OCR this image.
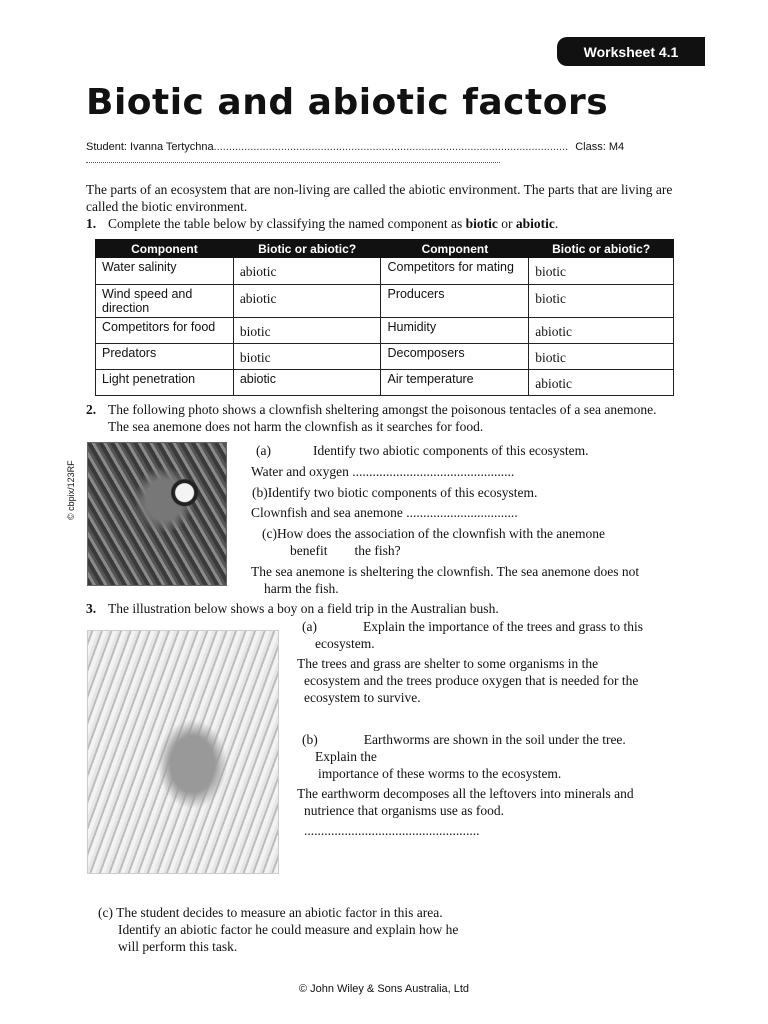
Worksheet 4.1
Biotic and abiotic factors
Student: Ivanna Tertychna.................................................................................................................... Class: M4
The parts of an ecosystem that are non-living are called the abiotic environment. The parts that are living are called the biotic environment.
1. Complete the table below by classifying the named component as biotic or abiotic.
Component	Biotic or abiotic?	Component	Biotic or abiotic?
Water salinity	abiotic	Competitors for mating	biotic
Wind speed and direction	abiotic	Producers	biotic
Competitors for food	biotic	Humidity	abiotic
Predators	biotic	Decomposers	biotic
Light penetration	abiotic	Air temperature	abiotic
2. The following photo shows a clownfish sheltering amongst the poisonous tentacles of a sea anemone. The sea anemone does not harm the clownfish as it searches for food.
© cbpix/123RF
(a)	Identify two abiotic components of this ecosystem.
Water and oxygen ................................................
(b)Identify two biotic components of this ecosystem.
Clownfish and sea anemone .................................
(c)How does the association of the clownfish with the anemone
benefit the fish?
The sea anemone is sheltering the clownfish. The sea anemone does not
harm the fish.
3. The illustration below shows a boy on a field trip in the Australian bush.
(a)	Explain the importance of the trees and grass to this
ecosystem.
The trees and grass are shelter to some organisms in the
ecosystem and the trees produce oxygen that is needed for the
ecosystem to survive.
(b)	Earthworms are shown in the soil under the tree.
Explain the
importance of these worms to the ecosystem.
The earthworm decomposes all the leftovers into minerals and
nutrience that organisms use as food.
....................................................
(c) The student decides to measure an abiotic factor in this area.
Identify an abiotic factor he could measure and explain how he
will perform this task.
© John Wiley & Sons Australia, Ltd
